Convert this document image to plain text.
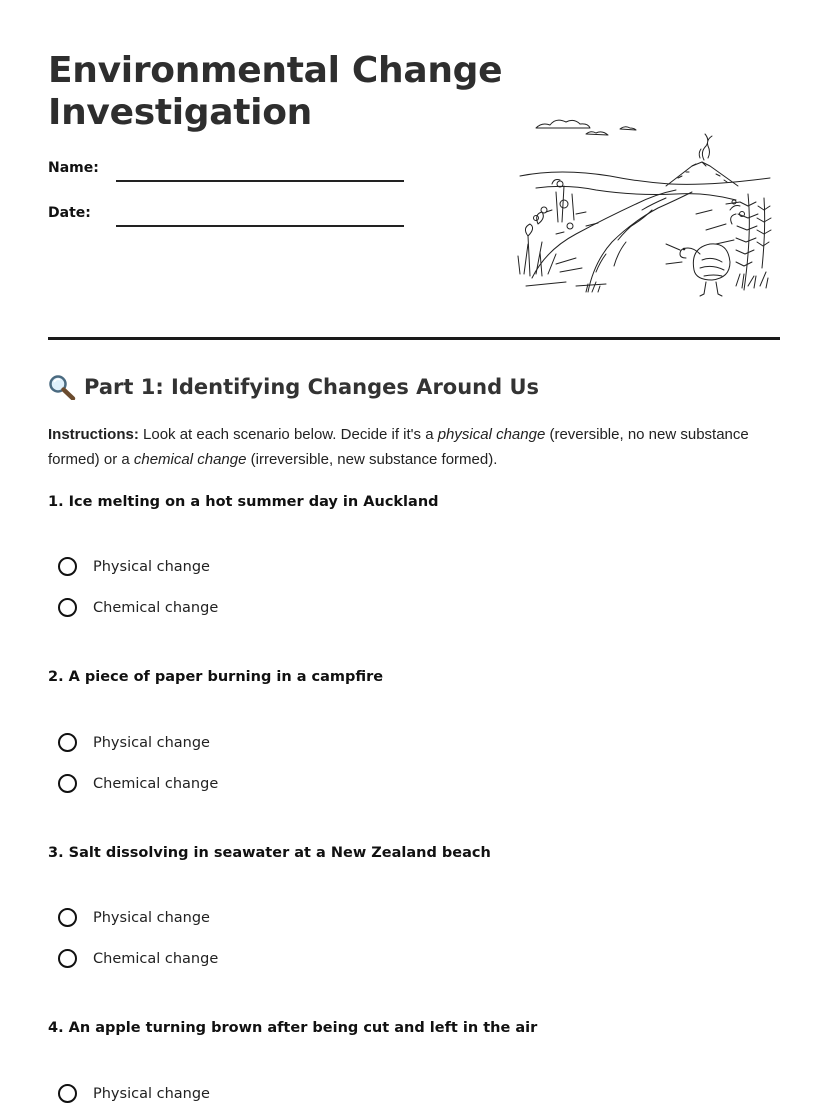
Environmental Change
Investigation
Name:
Date:
Part 1: Identifying Changes Around Us
Instructions: Look at each scenario below. Decide if it's a physical change (reversible, no new substance formed) or a chemical change (irreversible, new substance formed).
1. Ice melting on a hot summer day in Auckland
Physical change
Chemical change
2. A piece of paper burning in a campfire
Physical change
Chemical change
3. Salt dissolving in seawater at a New Zealand beach
Physical change
Chemical change
4. An apple turning brown after being cut and left in the air
Physical change
